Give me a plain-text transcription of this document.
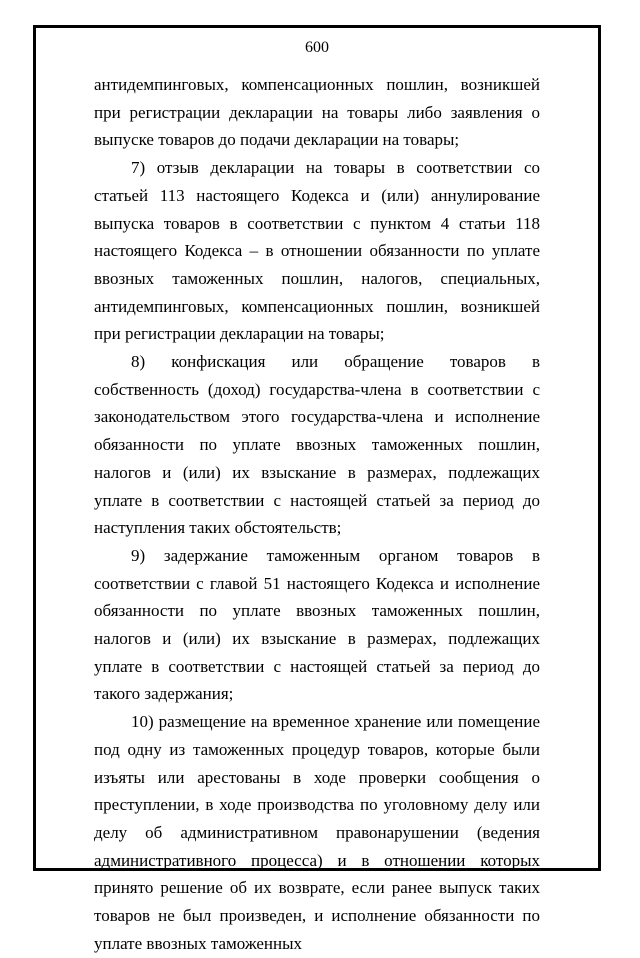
600

антидемпинговых, компенсационных пошлин, возникшей при регистрации декларации на товары либо заявления о выпуске товаров до подачи декларации на товары;

7) отзыв декларации на товары в соответствии со статьей 113 настоящего Кодекса и (или) аннулирование выпуска товаров в соответствии с пунктом 4 статьи 118 настоящего Кодекса – в отношении обязанности по уплате ввозных таможенных пошлин, налогов, специальных, антидемпинговых, компенсационных пошлин, возникшей при регистрации декларации на товары;

8) конфискация или обращение товаров в собственность (доход) государства-члена в соответствии с законодательством этого государства-члена и исполнение обязанности по уплате ввозных таможенных пошлин, налогов и (или) их взыскание в размерах, подлежащих уплате в соответствии с настоящей статьей за период до наступления таких обстоятельств;

9) задержание таможенным органом товаров в соответствии с главой 51 настоящего Кодекса и исполнение обязанности по уплате ввозных таможенных пошлин, налогов и (или) их взыскание в размерах, подлежащих уплате в соответствии с настоящей статьей за период до такого задержания;

10) размещение на временное хранение или помещение под одну из таможенных процедур товаров, которые были изъяты или арестованы в ходе проверки сообщения о преступлении, в ходе производства по уголовному делу или делу об административном правонарушении (ведения административного процесса) и в отношении которых принято решение об их возврате, если ранее выпуск таких товаров не был произведен, и исполнение обязанности по уплате ввозных таможенных
